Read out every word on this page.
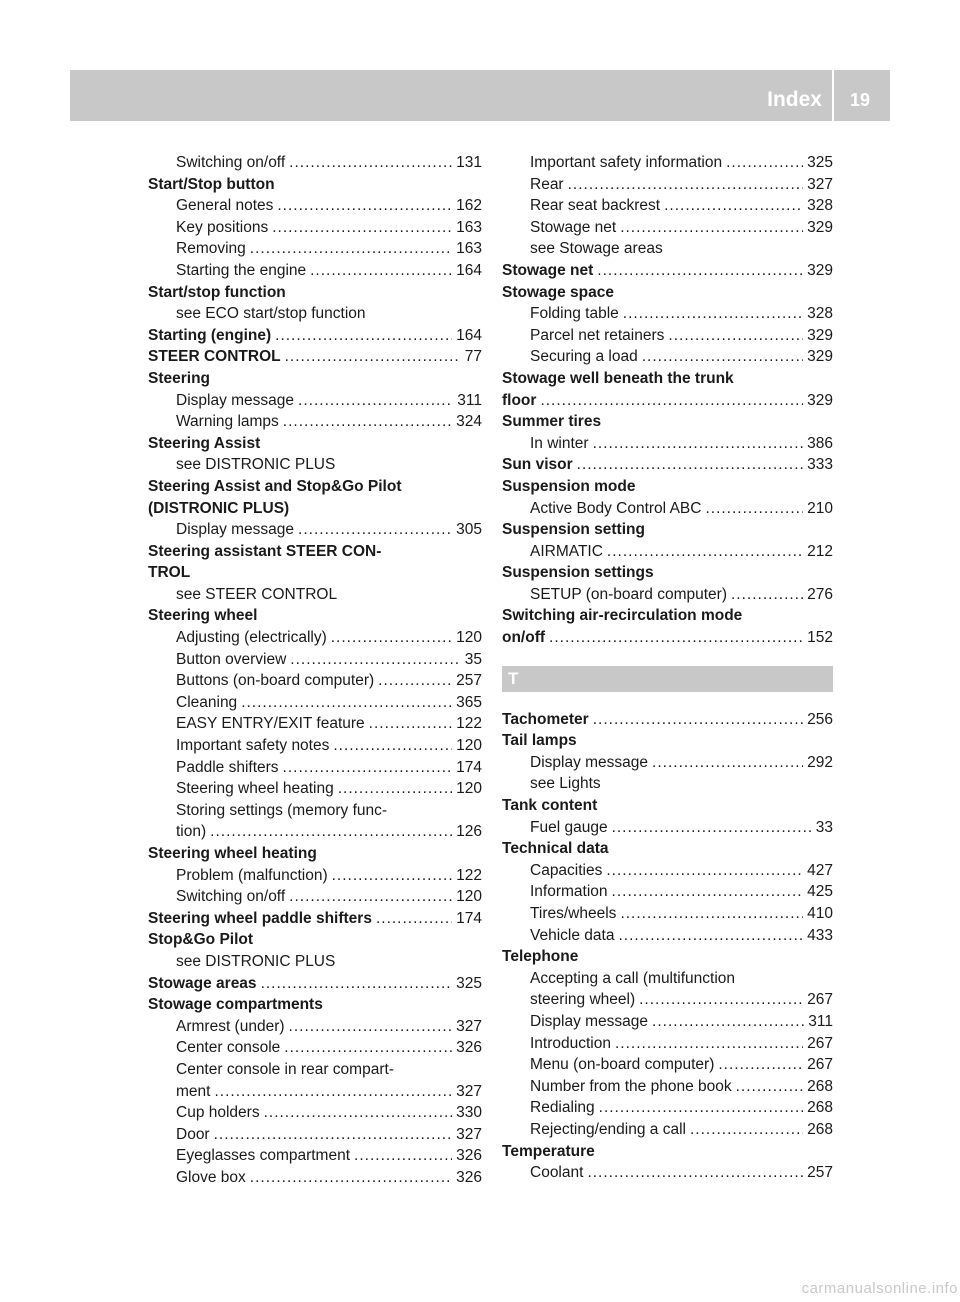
Index	19
Switching on/off .....	131
Start/Stop button
General notes .....	162
Key positions .....	163
Removing .....	163
Starting the engine .....	164
Start/stop function
see ECO start/stop function
Starting (engine) .....	164
STEER CONTROL .....	77
Steering
Display message .....	311
Warning lamps .....	324
Steering Assist
see DISTRONIC PLUS
Steering Assist and Stop&Go Pilot
(DISTRONIC PLUS)
Display message .....	305
Steering assistant STEER CON-
TROL
see STEER CONTROL
Steering wheel
Adjusting (electrically) .....	120
Button overview .....	35
Buttons (on-board computer) .....	257
Cleaning .....	365
EASY ENTRY/EXIT feature .....	122
Important safety notes .....	120
Paddle shifters .....	174
Steering wheel heating .....	120
Storing settings (memory func-
tion) .....	126
Steering wheel heating
Problem (malfunction) .....	122
Switching on/off .....	120
Steering wheel paddle shifters .....	174
Stop&Go Pilot
see DISTRONIC PLUS
Stowage areas .....	325
Stowage compartments
Armrest (under) .....	327
Center console .....	326
Center console in rear compart-
ment .....	327
Cup holders .....	330
Door .....	327
Eyeglasses compartment .....	326
Glove box .....	326
Important safety information .....	325
Rear .....	327
Rear seat backrest .....	328
Stowage net .....	329
see Stowage areas
Stowage net .....	329
Stowage space
Folding table .....	328
Parcel net retainers .....	329
Securing a load .....	329
Stowage well beneath the trunk
floor .....	329
Summer tires
In winter .....	386
Sun visor .....	333
Suspension mode
Active Body Control ABC .....	210
Suspension setting
AIRMATIC .....	212
Suspension settings
SETUP (on-board computer) .....	276
Switching air-recirculation mode
on/off .....	152
T
Tachometer .....	256
Tail lamps
Display message .....	292
see Lights
Tank content
Fuel gauge .....	33
Technical data
Capacities .....	427
Information .....	425
Tires/wheels .....	410
Vehicle data .....	433
Telephone
Accepting a call (multifunction
steering wheel) .....	267
Display message .....	311
Introduction .....	267
Menu (on-board computer) .....	267
Number from the phone book .....	268
Redialing .....	268
Rejecting/ending a call .....	268
Temperature
Coolant .....	257
carmanualsonline.info
